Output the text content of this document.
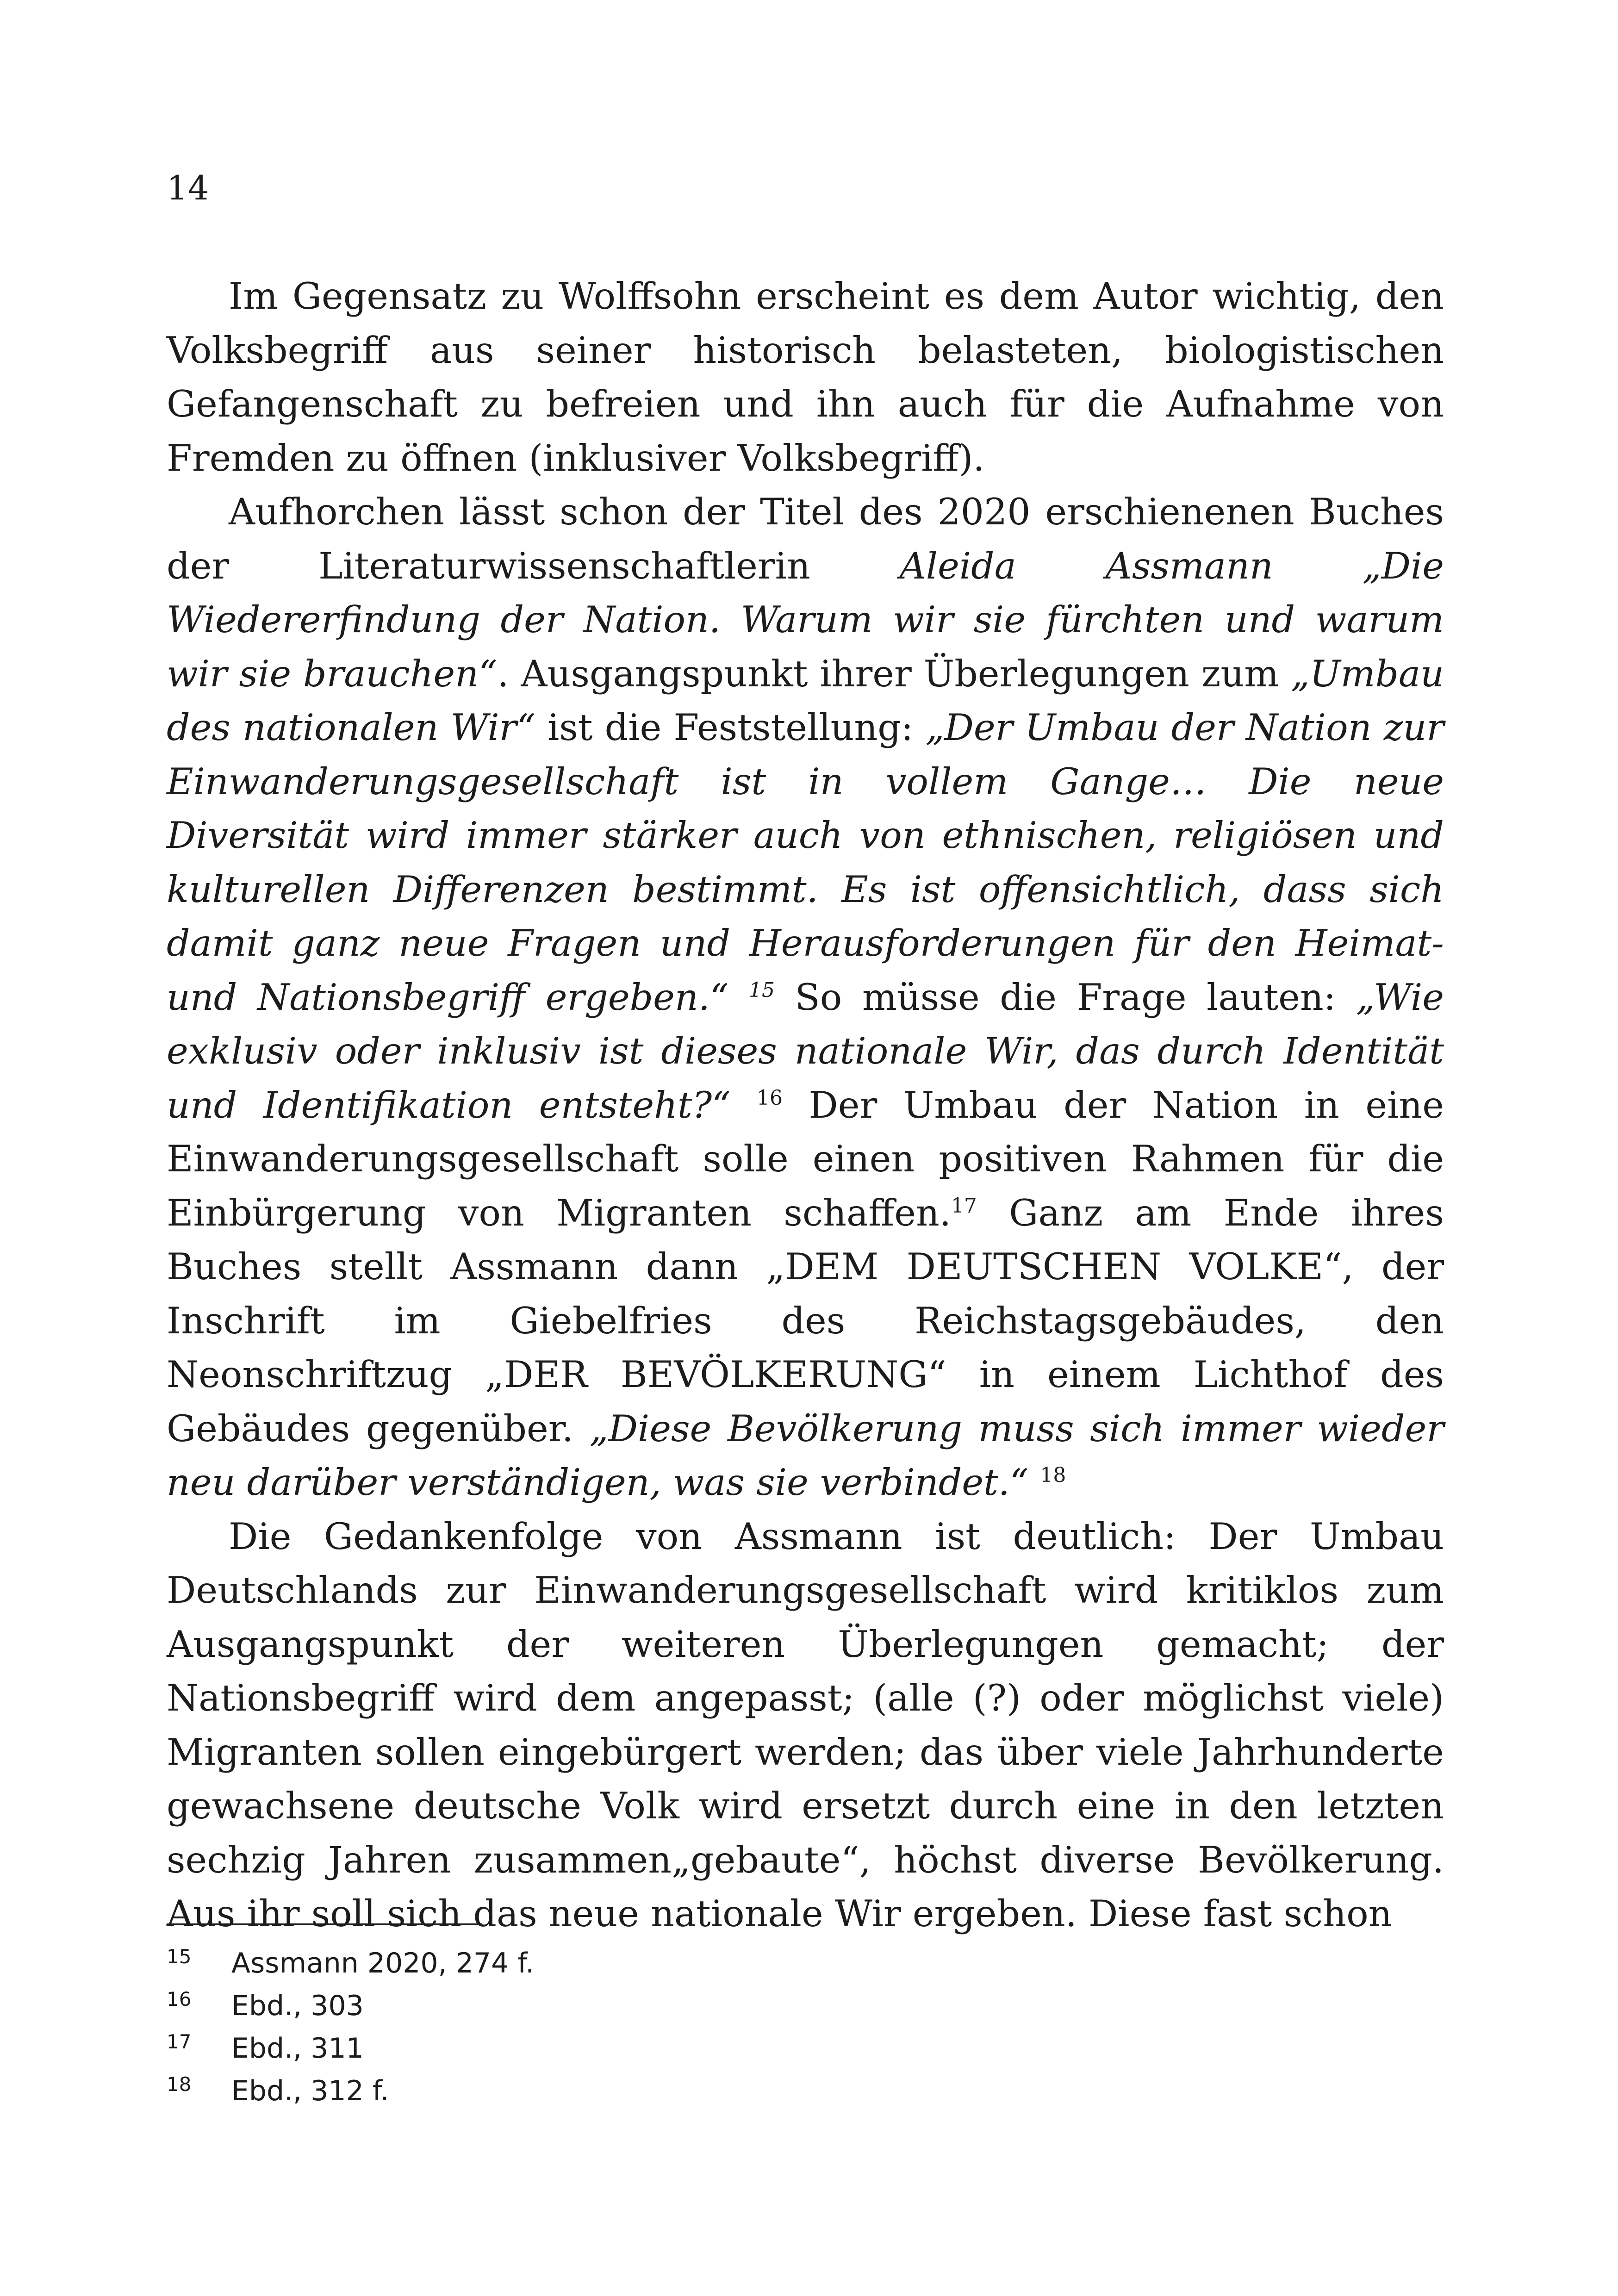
14

Im Gegensatz zu Wolffsohn erscheint es dem Autor wichtig, den Volksbegriff aus seiner historisch belasteten, biologistischen Gefangenschaft zu befreien und ihn auch für die Aufnahme von Fremden zu öffnen (inklusiver Volksbegriff).

Aufhorchen lässt schon der Titel des 2020 erschienenen Buches der Literaturwissenschaftlerin Aleida Assmann „Die Wiedererfindung der Nation. Warum wir sie fürchten und warum wir sie brauchen“. Ausgangspunkt ihrer Überlegungen zum „Umbau des nationalen Wir“ ist die Feststellung: „Der Umbau der Nation zur Einwanderungsgesellschaft ist in vollem Gange… Die neue Diversität wird immer stärker auch von ethnischen, religiösen und kulturellen Differenzen bestimmt. Es ist offensichtlich, dass sich damit ganz neue Fragen und Herausforderungen für den Heimat- und Nationsbegriff ergeben.“ $^{15}$ So müsse die Frage lauten: „Wie exklusiv oder inklusiv ist dieses nationale Wir, das durch Identität und Identifikation entsteht?“ $^{16}$ Der Umbau der Nation in eine Einwanderungsgesellschaft solle einen positiven Rahmen für die Einbürgerung von Migranten schaffen.$^{17}$ Ganz am Ende ihres Buches stellt Assmann dann „DEM DEUTSCHEN VOLKE“, der Inschrift im Giebelfries des Reichstagsgebäudes, den Neonschriftzug „DER BEVÖLKERUNG“ in einem Lichthof des Gebäudes gegenüber. „Diese Bevölkerung muss sich immer wieder neu darüber verständigen, was sie verbindet.“ $^{18}$

Die Gedankenfolge von Assmann ist deutlich: Der Umbau Deutschlands zur Einwanderungsgesellschaft wird kritiklos zum Ausgangspunkt der weiteren Überlegungen gemacht; der Nationsbegriff wird dem angepasst; (alle (?) oder möglichst viele) Migranten sollen eingebürgert werden; das über viele Jahrhunderte gewachsene deutsche Volk wird ersetzt durch eine in den letzten sechzig Jahren zusammen„gebaute“, höchst diverse Bevölkerung. Aus ihr soll sich das neue nationale Wir ergeben. Diese fast schon

15 Assmann 2020, 274 f.
16 Ebd., 303
17 Ebd., 311
18 Ebd., 312 f.
